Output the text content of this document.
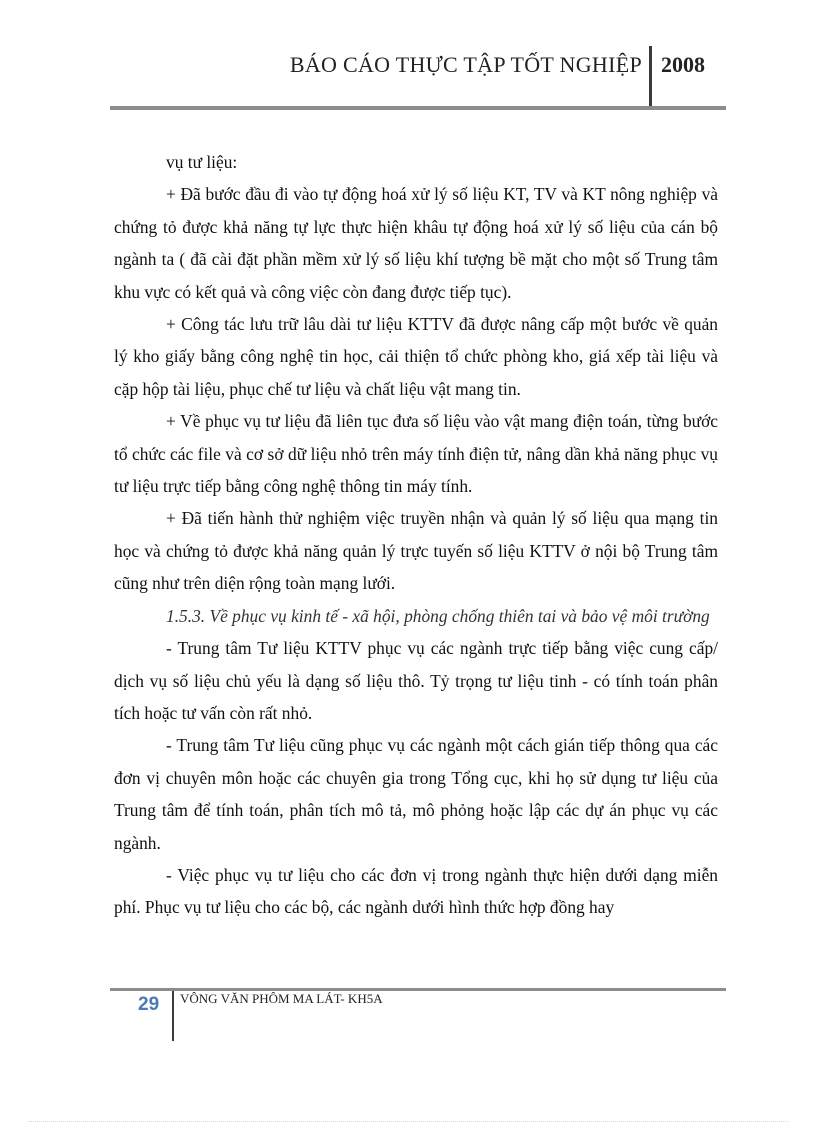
BÁO CÁO THỰC TẬP TỐT NGHIỆP 2008

vụ tư liệu:

+ Đã bước đầu đi vào tự động hoá xử lý số liệu KT, TV và KT nông nghiệp và chứng tỏ được khả năng tự lực thực hiện khâu tự động hoá xử lý số liệu của cán bộ ngành ta ( đã cài đặt phần mềm xử lý số liệu khí tượng bề mặt cho một số Trung tâm khu vực có kết quả và công việc còn đang được tiếp tục).

+ Công tác lưu trữ lâu dài tư liệu KTTV đã được nâng cấp một bước về quản lý kho giấy bằng công nghệ tin học, cải thiện tổ chức phòng kho, giá xếp tài liệu và cặp hộp tài liệu, phục chế tư liệu và chất liệu vật mang tin.

+ Về phục vụ tư liệu đã liên tục đưa số liệu vào vật mang điện toán, từng bước tổ chức các file và cơ sở dữ liệu nhỏ trên máy tính điện tử, nâng dần khả năng phục vụ tư liệu trực tiếp bằng công nghệ thông tin máy tính.

+ Đã tiến hành thử nghiệm việc truyền nhận và quản lý số liệu qua mạng tin học và chứng tỏ được khả năng quản lý trực tuyến số liệu KTTV ở nội bộ Trung tâm cũng như trên diện rộng toàn mạng lưới.

1.5.3. Về phục vụ kinh tế - xã hội, phòng chống thiên tai và bảo vệ môi trường

- Trung tâm Tư liệu KTTV phục vụ các ngành trực tiếp bằng việc cung cấp/ dịch vụ số liệu chủ yếu là dạng số liệu thô. Tỷ trọng tư liệu tinh - có tính toán phân tích hoặc tư vấn còn rất nhỏ.

- Trung tâm Tư liệu cũng phục vụ các ngành một cách gián tiếp thông qua các đơn vị chuyên môn hoặc các chuyên gia trong Tổng cục, khi họ sử dụng tư liệu của Trung tâm để tính toán, phân tích mô tả, mô phỏng hoặc lập các dự án phục vụ các ngành.

- Việc phục vụ tư liệu cho các đơn vị trong ngành thực hiện dưới dạng miễn phí. Phục vụ tư liệu cho các bộ, các ngành dưới hình thức hợp đồng hay

29 VÔNG VĂN PHÔM MA LÁT- KH5A
